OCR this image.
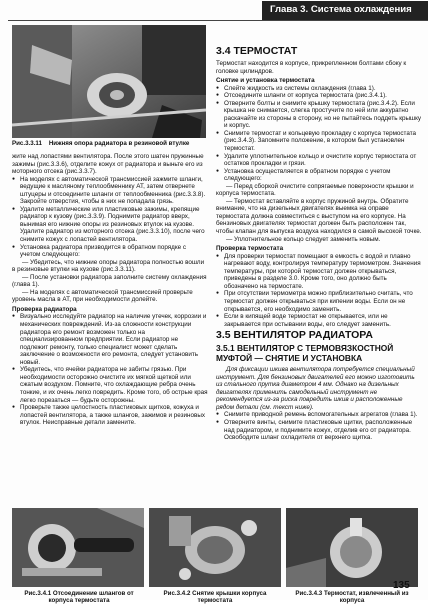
Глава 3. Система охлаждения
Рис.3.3.11 Нижняя опора радиатора в резиновой втулке
жите над лопастями вентилятора. После этого шатен пружинные зажимы (рис.3.3.6), отделите кожух от радиатора и выньте его из моторного отсека (рис.3.3.7).
● На моделях с автоматической трансмиссией зажмите шланги, ведущие к масляному теплообменнику AT, затем отвернете штуцеры и отсоедините шланги от теплообменника (рис.3.3.8). Закройте отверстия, чтобы в них не попадала грязь.
● Удалите металлические или пластиковые зажимы, крепящие радиатор к кузову (рис.3.3.9). Поднимите радиатор вверх, вынимая его нижние опоры из резиновых втулок на кузове. Удалите радиатор из моторного отсека (рис.3.3.10), после чего снимите кожух с лопастей вентилятора.
● Установка радиатора призводится в обратном порядке с учетом следующего:
— Убедитесь, что нижние опоры радиатора полностью вошли в резиновые втулки на кузове (рис.3.3.11).
— После установки радиатора заполните систему охлаждения (глава 1).
— На моделях с автоматической трансмиссией проверьте уровень масла в AT, при необходимости долейте.
Проверка радиатора
● Визуально исследуйте радиатор на наличие утечек, коррозии и механических повреждений. Из-за сложности конструкции радиатора его ремонт возможен только на специализированном предприятии. Если радиатор не подлежит ремонту, только специалист может сделать заключение о возможности его ремонта, следует установить новый.
● Убедитесь, что ячейки радиатора не забиты грязью. При необходимости осторожно очистите их мягкой щеткой или сжатым воздухом. Помните, что охлаждающие ребра очень тонкие, и их очень легко повредить. Кроме того, об острые края легко порезаться — будьте осторожны.
● Проверьте также целостность пластиковых щитков, кожуха и лопастей вентилятора, а также шлангов, зажимов и резиновых втулок. Неисправные детали замените.
3.4 ТЕРМОСТАТ
Термостат находится в корпусе, прикрепленном болтами сбоку к головке цилиндров.
Снятие и установка термостата
● Слейте жидкость из системы охлаждения (глава 1).
● Отсоедините шланги от корпуса термостата (рис.3.4.1).
● Отверните болты и снимите крышку термостата (рис.3.4.2). Если крышка не снимается, слегка простучите по ней или аккуратно раскачайте из стороны в сторону, но не пытайтесь поддеть крышку и корпус.
● Снимите термостат и кольцевую прокладку с корпуса термостата (рис.3.4.3). Запомните положение, в котором был установлен термостат.
● Удалите уплотнительное кольцо и очистите корпус термостата от остатков прокладки и грязи.
● Установка осуществляется в обратном порядке с учетом следующего:
— Перед сборкой очистите сопрягаемые поверхности крышки и корпуса термостата.
— Термостат вставляйте в корпус пружиной внутрь. Обратите внимание, что на дизельных двигателях выемка на оправе термостата должна совместиться с выступом на его корпусе. На бензиновых двигателях термостат должен быть расположен так, чтобы клапан для выпуска воздуха находился в самой высокой точке.
— Уплотнительное кольцо следует заменить новым.
Проверка термостата
● Для проверки термостат помещают в емкость с водой и плавно нагревают воду, контролируя температуру термометром. Значения температуры, при которой термостат должен открываться, приведены в разделе 3.0. Кроме того, оно должно быть обозначено на термостате.
● При отсутствии термометра можно приблизительно считать, что термостат должен открываться при кипении воды. Если он не открывается, его необходимо заменить.
● Если в кипящей воде термостат не открывается, или не закрывается при остывании воды, его следует заменить.
3.5 ВЕНТИЛЯТОР РАДИАТОРА
3.5.1 ВЕНТИЛЯТОР С ТЕРМОВЯЗКОСТНОЙ МУФТОЙ — СНЯТИЕ И УСТАНОВКА
Для фиксации шкива вентилятора потребуется специальный инструмент. Для бензиновых двигателей его можно изготовить из стального прутка диаметром 4 мм. Однако на дизельных двигателях применить самодельный инструмент не рекомендуется из-за риска повредить шкив и расположенные рядом детали (см. текст ниже).
● Снимите приводной ремень вспомогательных агрегатов (глава 1).
● Отверните винты, снимите пластиковые щитки, расположенные над радиатором, и поднимите кожух, отделив его от радиатора. Освободите шланг охладителя от верхнего щитка.
Рис.3.4.1 Отсоединение шлангов от корпуса термостата
Рис.3.4.2 Снятие крышки корпуса термостата
Рис.3.4.3 Термостат, извлеченный из корпуса
135
